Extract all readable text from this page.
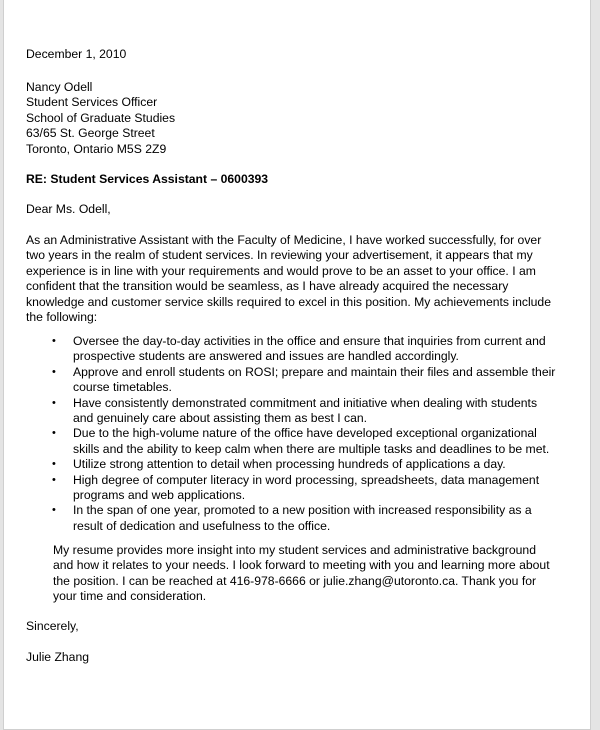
December 1, 2010

Nancy Odell
Student Services Officer
School of Graduate Studies
63/65 St. George Street
Toronto, Ontario M5S 2Z9

RE: Student Services Assistant – 0600393

Dear Ms. Odell,

As an Administrative Assistant with the Faculty of Medicine, I have worked successfully, for over
two years in the realm of student services. In reviewing your advertisement, it appears that my
experience is in line with your requirements and would prove to be an asset to your office. I am
confident that the transition would be seamless, as I have already acquired the necessary
knowledge and customer service skills required to excel in this position. My achievements include
the following:
• Oversee the day-to-day activities in the office and ensure that inquiries from current and
prospective students are answered and issues are handled accordingly.
• Approve and enroll students on ROSI; prepare and maintain their files and assemble their
course timetables.
• Have consistently demonstrated commitment and initiative when dealing with students
and genuinely care about assisting them as best I can.
• Due to the high-volume nature of the office have developed exceptional organizational
skills and the ability to keep calm when there are multiple tasks and deadlines to be met.
• Utilize strong attention to detail when processing hundreds of applications a day.
• High degree of computer literacy in word processing, spreadsheets, data management
programs and web applications.
• In the span of one year, promoted to a new position with increased responsibility as a
result of dedication and usefulness to the office.
My resume provides more insight into my student services and administrative background
and how it relates to your needs. I look forward to meeting with you and learning more about
the position. I can be reached at 416-978-6666 or julie.zhang@utoronto.ca. Thank you for
your time and consideration.

Sincerely,

Julie Zhang
